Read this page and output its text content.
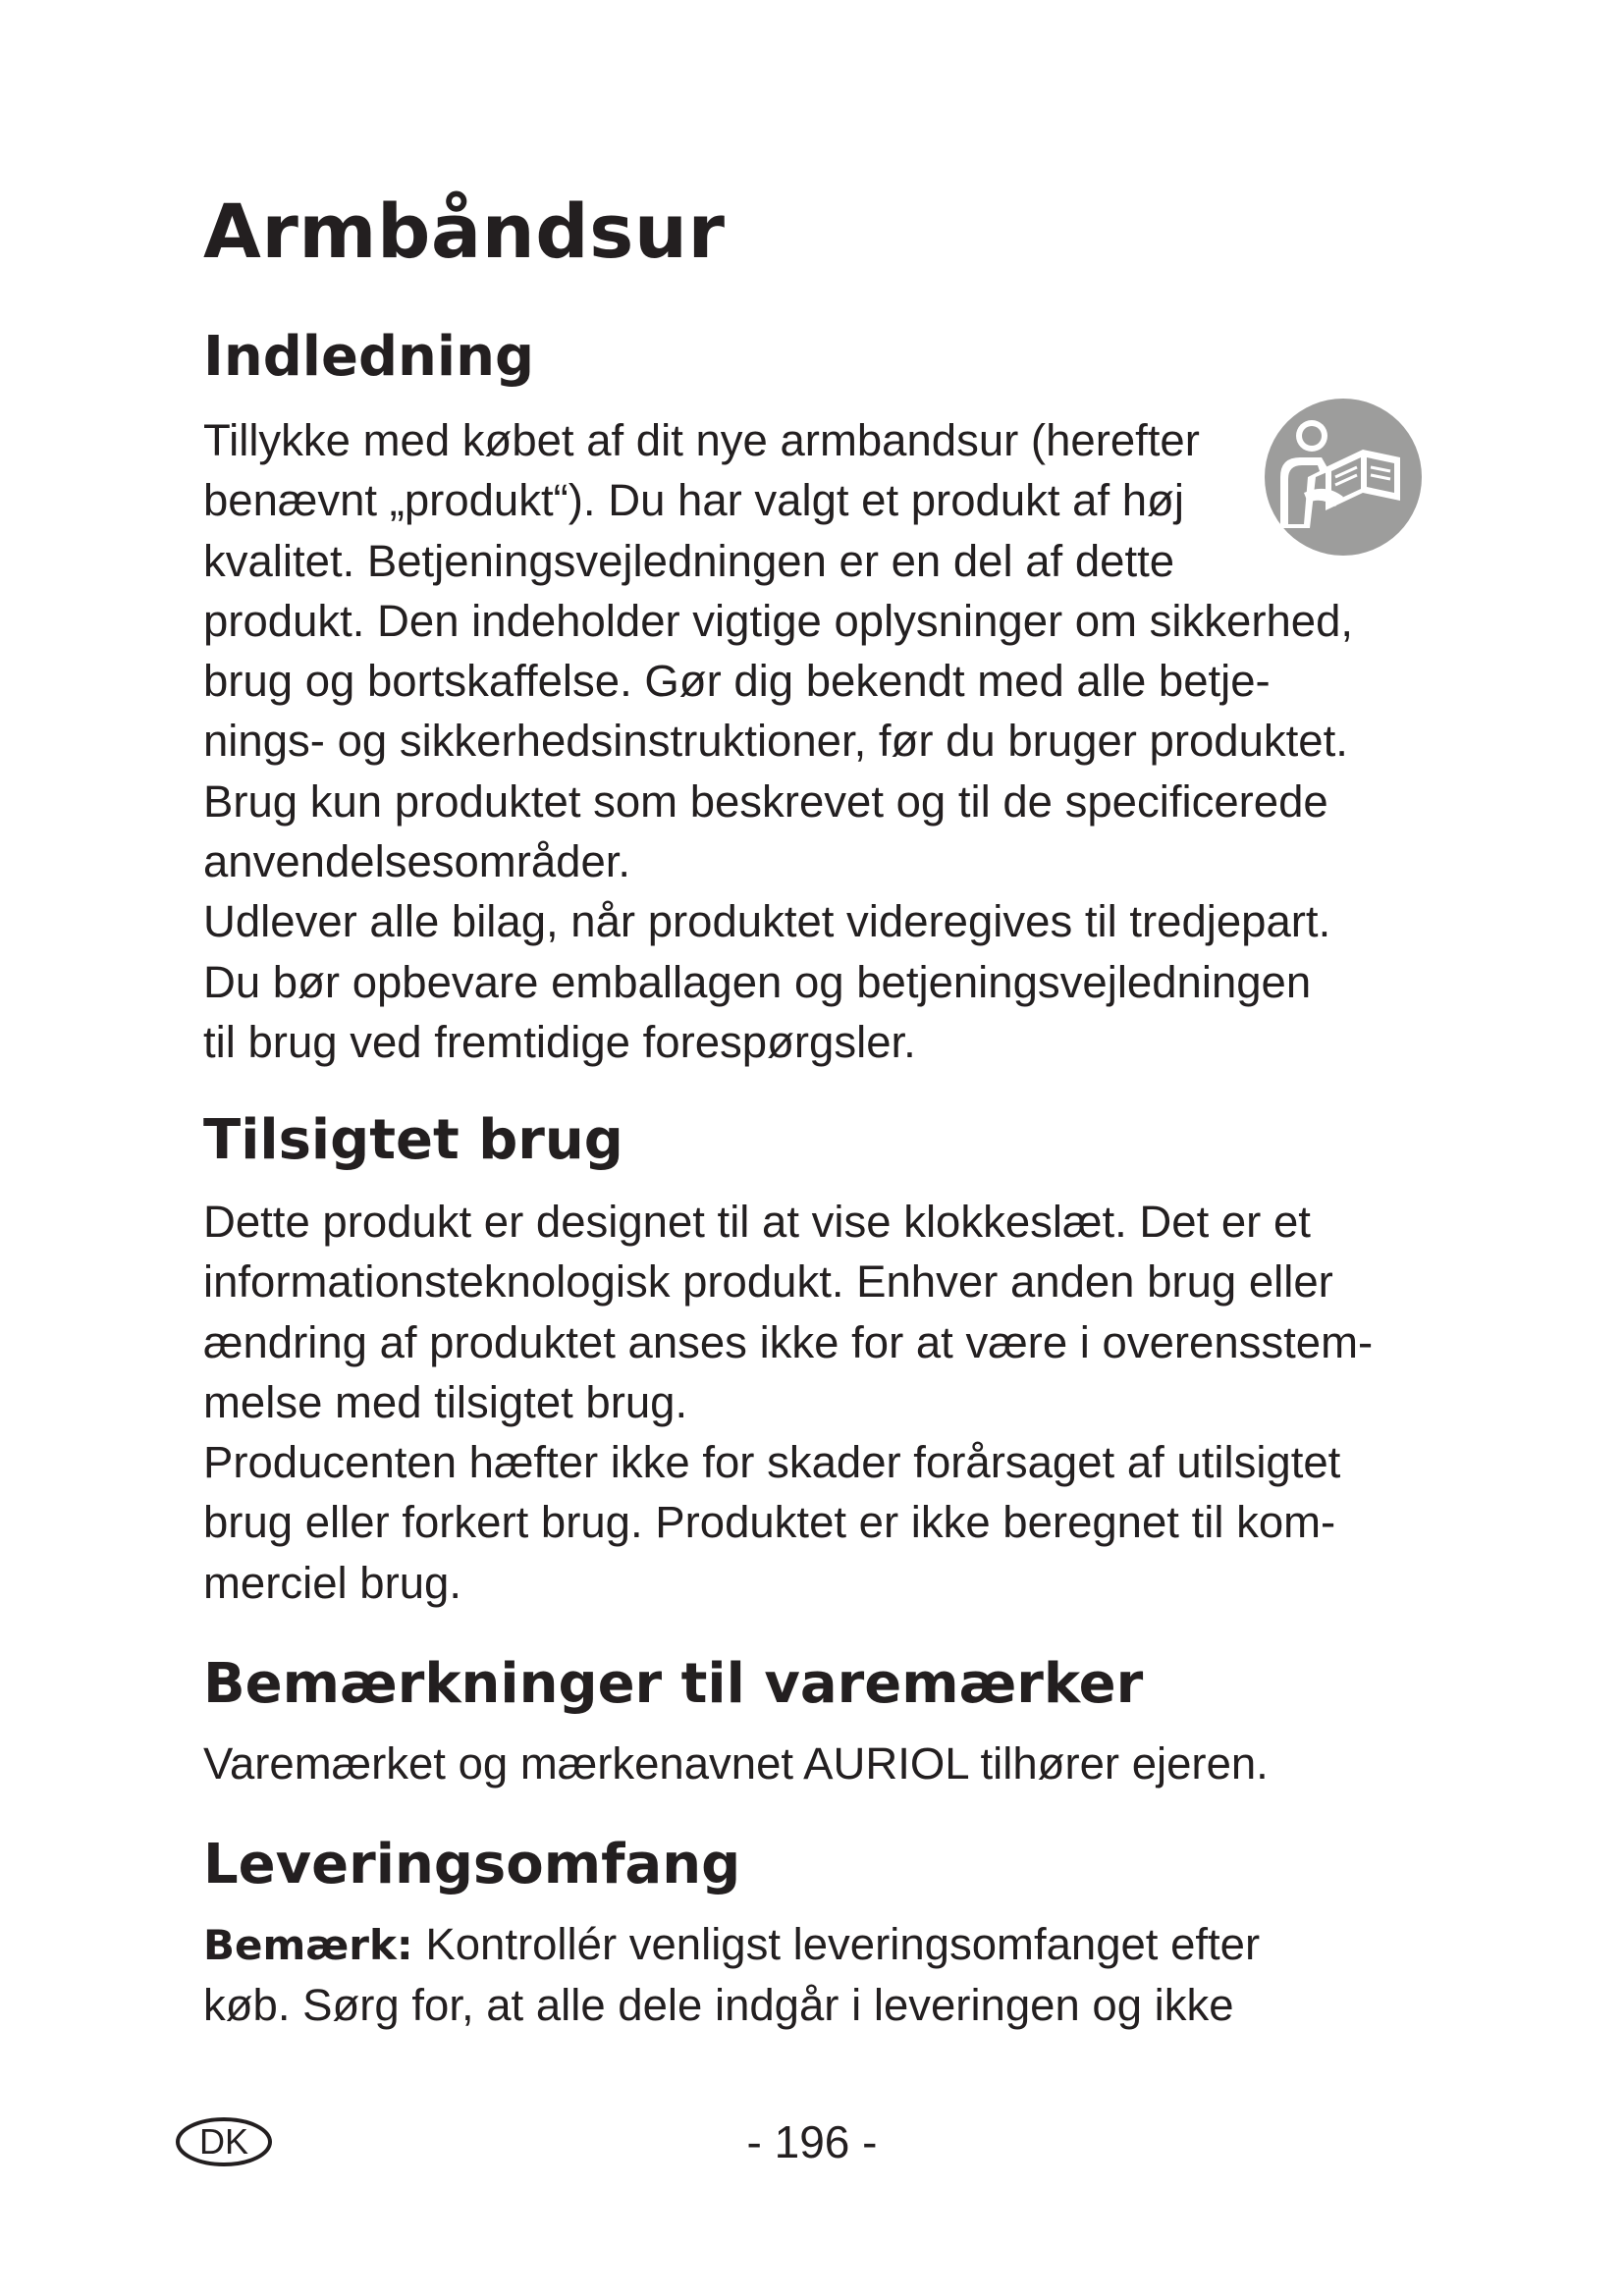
Armbåndsur
Indledning
Tillykke med købet af dit nye armbandsur (herefter
benævnt „produkt“). Du har valgt et produkt af høj
kvalitet. Betjeningsvejledningen er en del af dette
produkt. Den indeholder vigtige oplysninger om sikkerhed,
brug og bortskaffelse. Gør dig bekendt med alle betje-
nings- og sikkerhedsinstruktioner, før du bruger produktet.
Brug kun produktet som beskrevet og til de specificerede
anvendelsesområder.
Udlever alle bilag, når produktet videregives til tredjepart.
Du bør opbevare emballagen og betjeningsvejledningen
til brug ved fremtidige forespørgsler.
Tilsigtet brug
Dette produkt er designet til at vise klokkeslæt. Det er et
informationsteknologisk produkt. Enhver anden brug eller
ændring af produktet anses ikke for at være i overensstem-
melse med tilsigtet brug.
Producenten hæfter ikke for skader forårsaget af utilsigtet
brug eller forkert brug. Produktet er ikke beregnet til kom-
merciel brug.
Bemærkninger til varemærker
Varemærket og mærkenavnet AURIOL tilhører ejeren.
Leveringsomfang
Bemærk: Kontrollér venligst leveringsomfanget efter
køb. Sørg for, at alle dele indgår i leveringen og ikke
DK	- 196 -
